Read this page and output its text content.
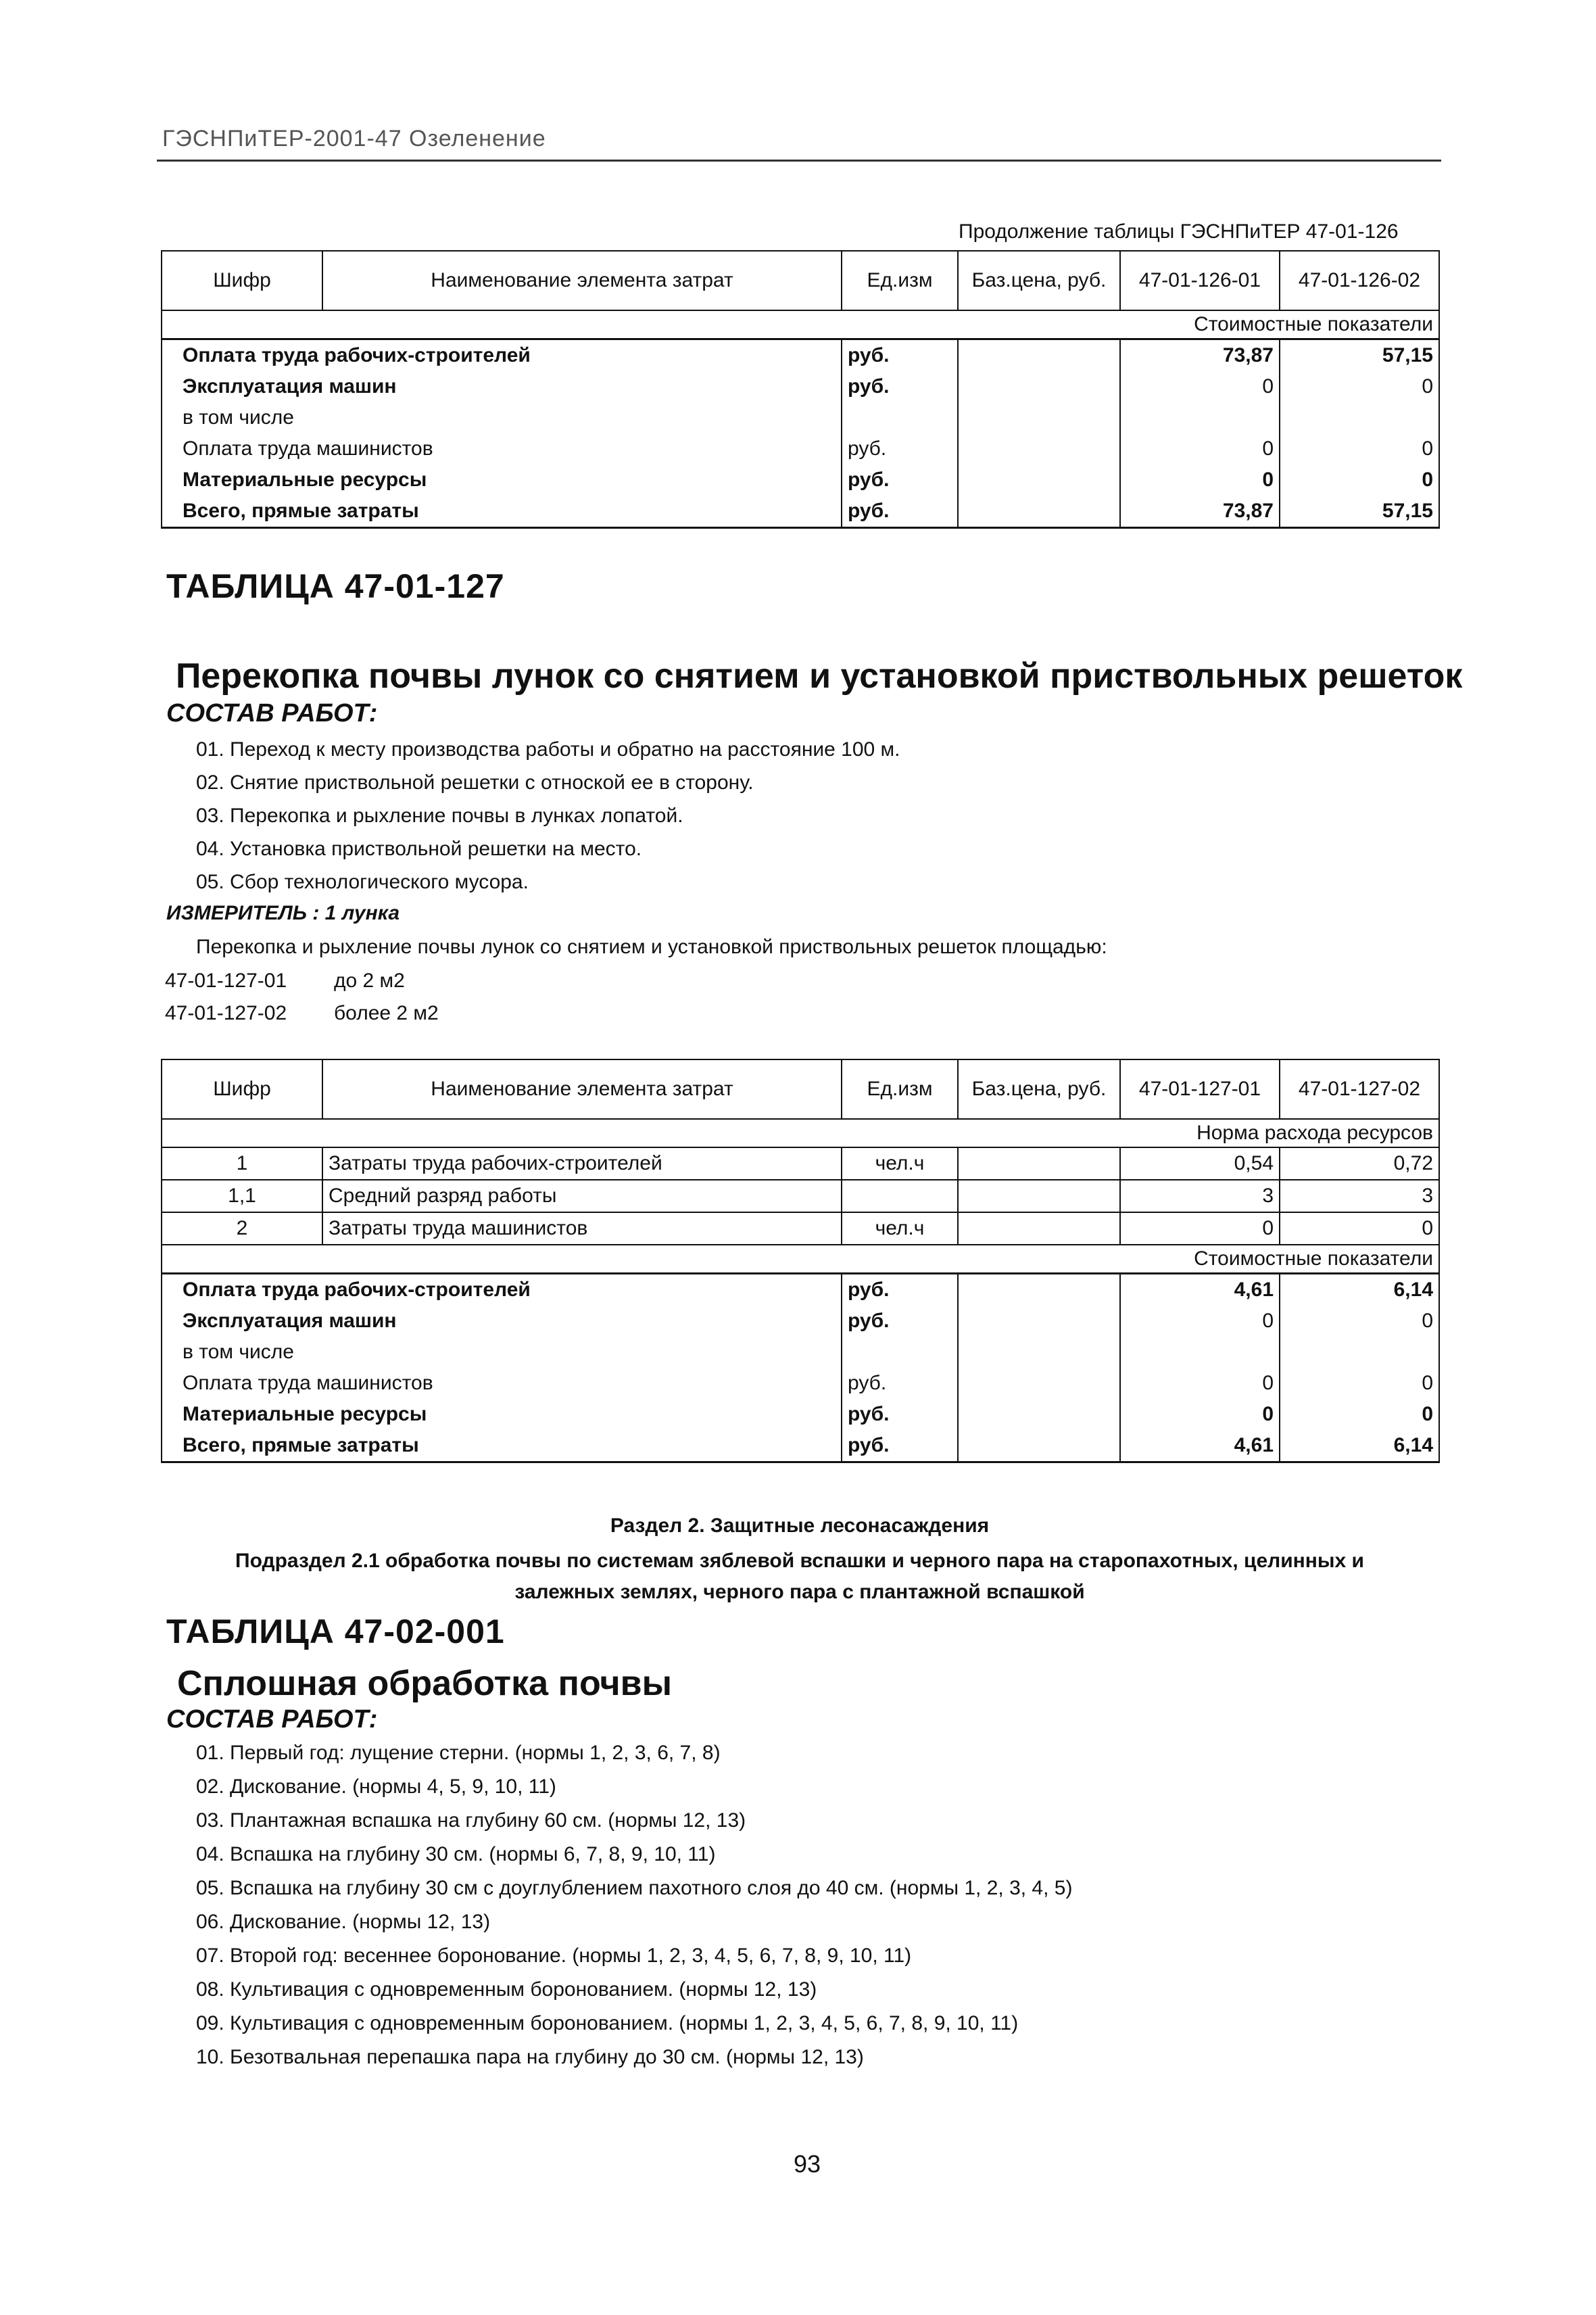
ГЭСНПиТЕР-2001-47 Озеленение
Продолжение таблицы ГЭСНПиТЕР 47-01-126
Шифр	Наименование элемента затрат	Ед.изм	Баз.цена, руб.	47-01-126-01	47-01-126-02
Стоимостные показатели					
Оплата труда рабочих-строителей		руб.		73,87	57,15
Эксплуатация машин		руб.		0	0
в том числе					
Оплата труда машинистов		руб.		0	0
Материальные ресурсы		руб.		0	0
Всего, прямые затраты		руб.		73,87	57,15
ТАБЛИЦА 47-01-127
Перекопка почвы лунок со снятием и установкой приствольных решеток
СОСТАВ РАБОТ:
01. Переход к месту производства работы и обратно на расстояние 100 м.
02. Снятие приствольной решетки с отноской ее в сторону.
03. Перекопка и рыхление почвы в лунках лопатой.
04. Установка приствольной решетки на место.
05. Сбор технологического мусора.
ИЗМЕРИТЕЛЬ : 1 лунка
Перекопка и рыхление почвы лунок со снятием и установкой приствольных решеток площадью:
47-01-127-01 до 2 м2
47-01-127-02 более 2 м2
Шифр	Наименование элемента затрат	Ед.изм	Баз.цена, руб.	47-01-127-01	47-01-127-02
Норма расхода ресурсов					
1	Затраты труда рабочих-строителей	чел.ч		0,54	0,72
1,1	Средний разряд работы			3	3
2	Затраты труда машинистов	чел.ч		0	0
Стоимостные показатели					
Оплата труда рабочих-строителей		руб.		4,61	6,14
Эксплуатация машин		руб.		0	0
в том числе					
Оплата труда машинистов		руб.		0	0
Материальные ресурсы		руб.		0	0
Всего, прямые затраты		руб.		4,61	6,14
Раздел 2. Защитные лесонасаждения
Подраздел 2.1 обработка почвы по системам зяблевой вспашки и черного пара на старопахотных, целинных и
залежных землях, черного пара с плантажной вспашкой
ТАБЛИЦА 47-02-001
Сплошная обработка почвы
СОСТАВ РАБОТ:
01. Первый год: лущение стерни. (нормы 1, 2, 3, 6, 7, 8)
02. Дискование. (нормы 4, 5, 9, 10, 11)
03. Плантажная вспашка на глубину 60 см. (нормы 12, 13)
04. Вспашка на глубину 30 см. (нормы 6, 7, 8, 9, 10, 11)
05. Вспашка на глубину 30 см с доуглублением пахотного слоя до 40 см. (нормы 1, 2, 3, 4, 5)
06. Дискование. (нормы 12, 13)
07. Второй год: весеннее боронование. (нормы 1, 2, 3, 4, 5, 6, 7, 8, 9, 10, 11)
08. Культивация с одновременным боронованием. (нормы 12, 13)
09. Культивация с одновременным боронованием. (нормы 1, 2, 3, 4, 5, 6, 7, 8, 9, 10, 11)
10. Безотвальная перепашка пара на глубину до 30 см. (нормы 12, 13)
93
